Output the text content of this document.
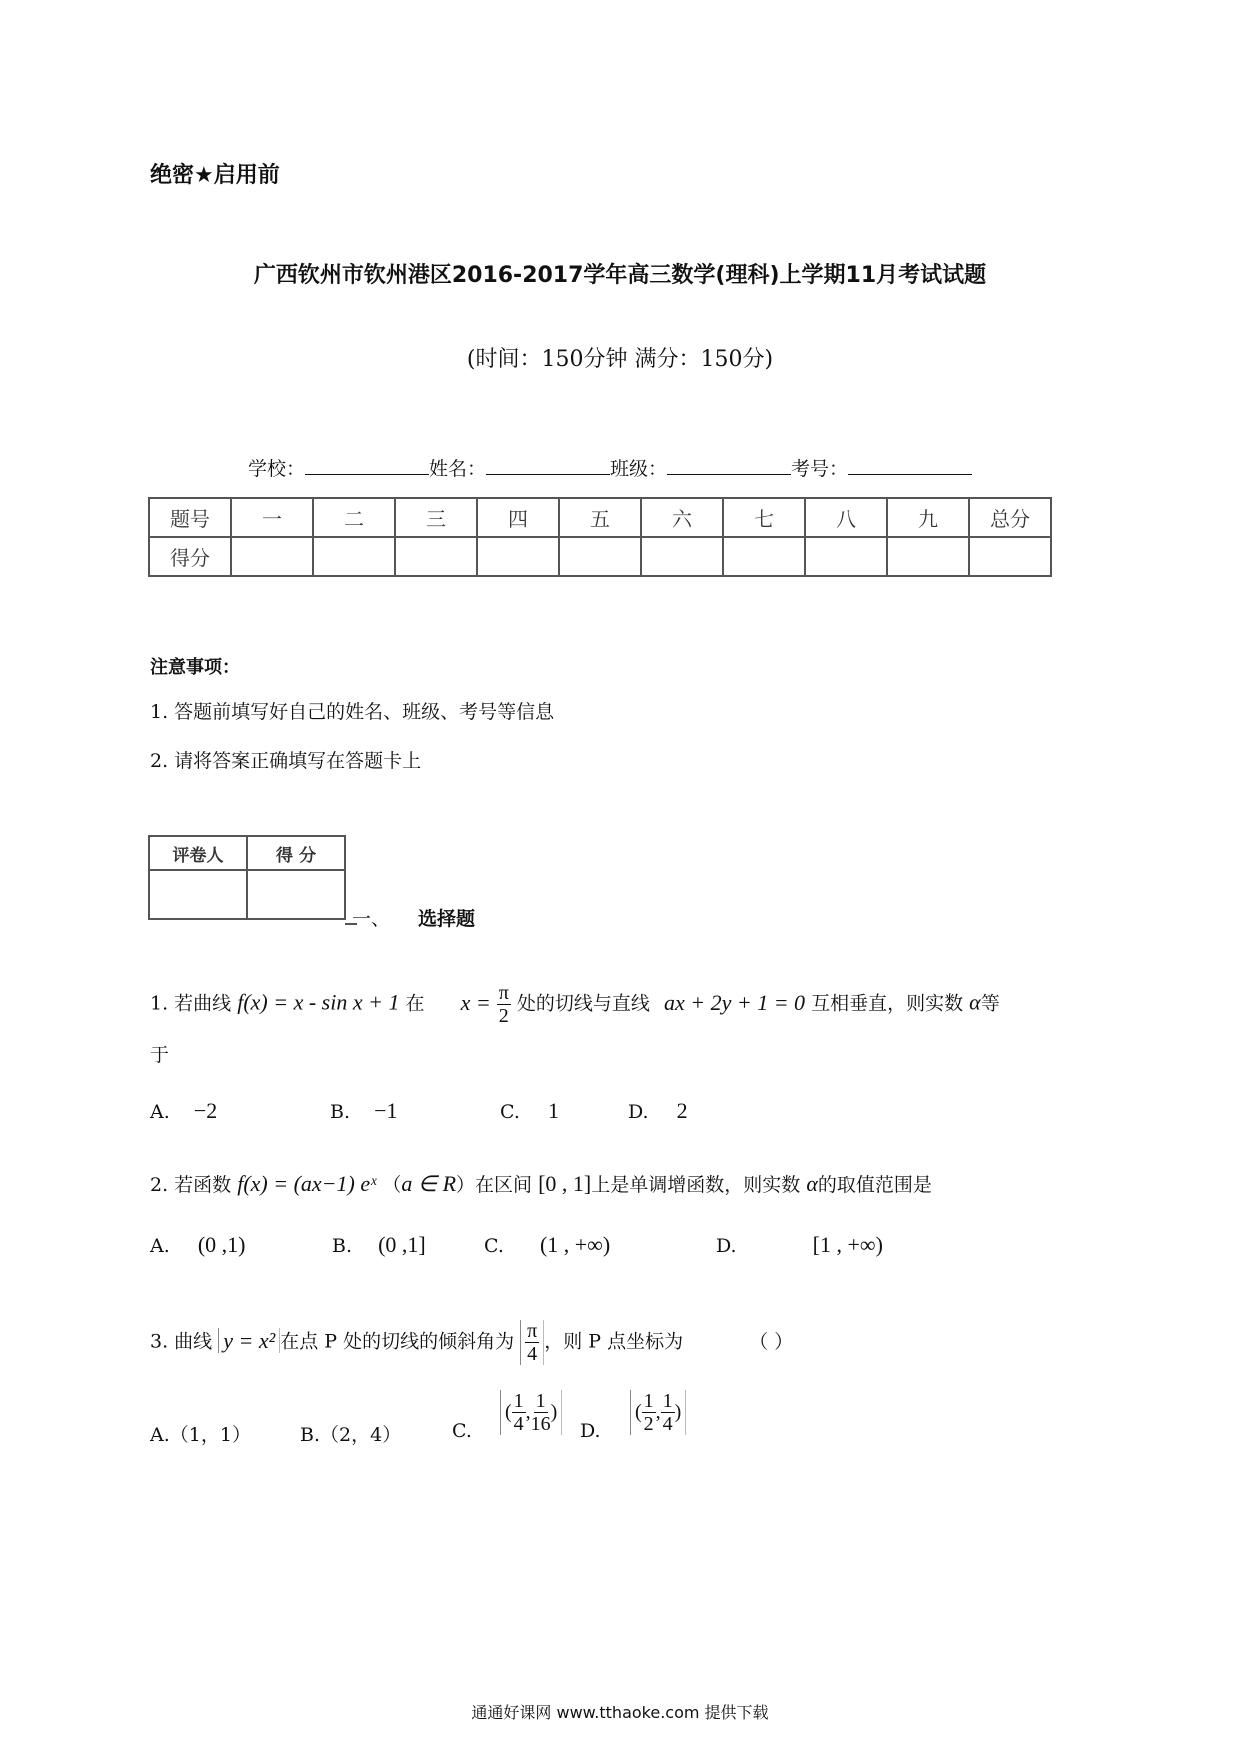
绝密★启用前
广西钦州市钦州港区2016-2017学年高三数学(理科)上学期11月考试试题
(时间：150分钟 满分：150分)
学校：	姓名：	班级：	考号：
题号	一	二	三	四	五	六	七	八	九	总分
得分										
注意事项：
1. 答题前填写好自己的姓名、班级、考号等信息
2. 请将答案正确填写在答题卡上
评卷人	得 分

一、 选择题
1. 若曲线 f(x) = x - sin x + 1 在 $x = \frac{\pi}{2}$ 处的切线与直线 ax + 2y + 1 = 0 互相垂直，则实数 α等
于
A. −2	B. −1	C. 1	D. 2
2. 若函数 f(x) = (ax−1) eˣ （a ∈ R）在区间 [0 , 1]上是单调增函数，则实数 α的取值范围是
A. (0 ,1)	B. (0 ,1]	C. (1 , +∞)	D.	[1 , +∞)
3. 曲线 y = x² 在点 P 处的切线的倾斜角为 $\frac{\pi}{4}$ ，则 P 点坐标为	（ ）
A.（1，1）	B.（2，4）	C.
( $\frac{1}{4}$ , $\frac{1}{16}$ )
D.
( $\frac{1}{2}$ , $\frac{1}{4}$ )
通通好课网 www.tthaoke.com 提供下载
